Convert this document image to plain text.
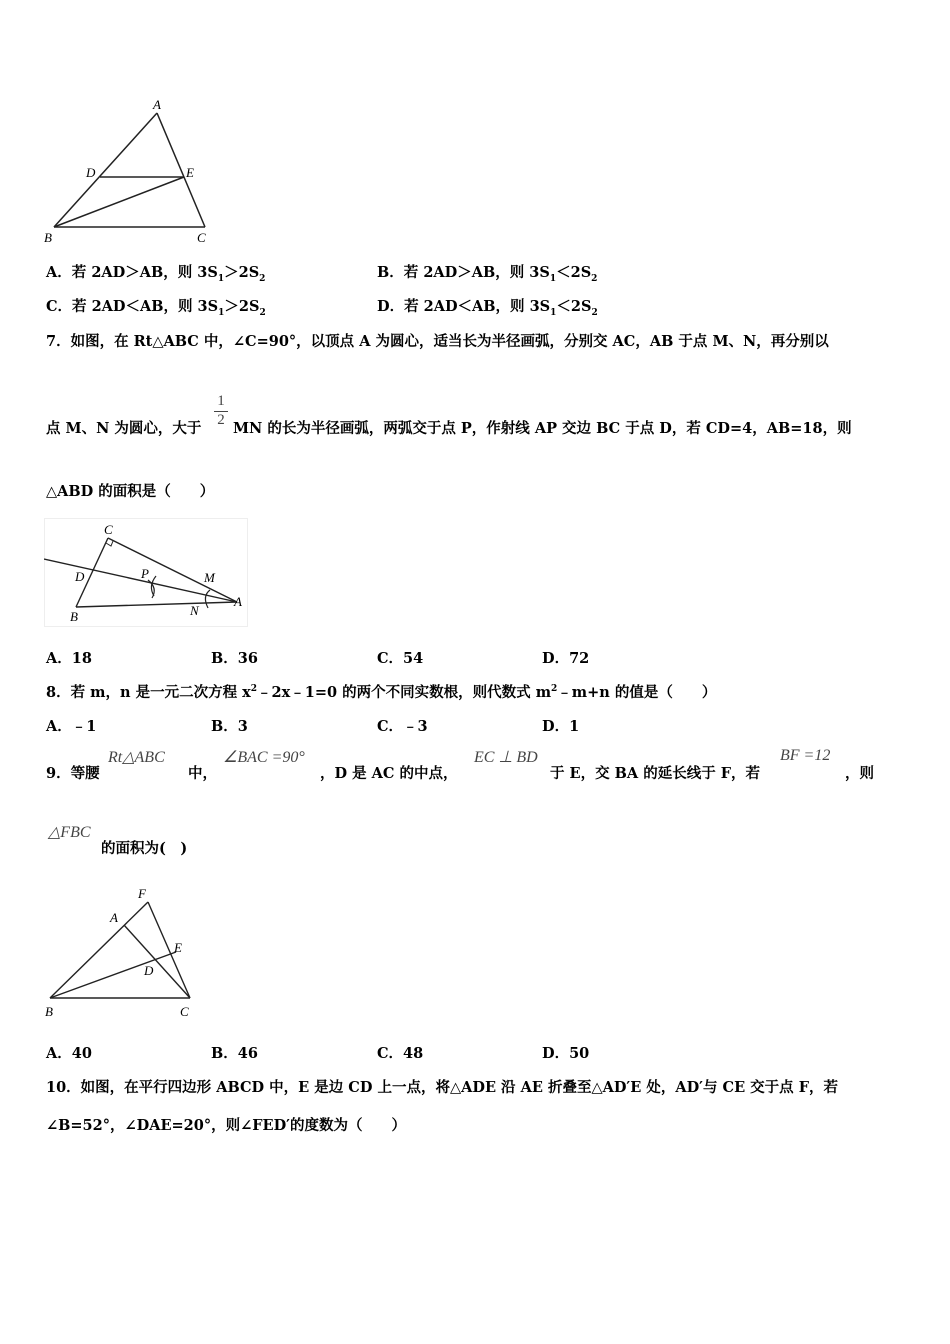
A
D	E
B	C
A．若 2AD＞AB，则 $3S_1>2S_2$	B．若 2AD＞AB，则 $3S_1<2S_2$
C．若 2AD＜AB，则 $3S_1>2S_2$	D．若 2AD＜AB，则 $3S_1<2S_2$
7．如图，在 Rt△ABC 中，∠C=90°，以顶点 A 为圆心，适当长为半径画弧，分别交 AC，AB 于点 M、N，再分别以
$\frac{1}{2}$
点 M、N 为圆心，大于 MN 的长为半径画弧，两弧交于点 P，作射线 AP 交边 BC 于点 D，若 CD=4，AB=18，则
△ABD 的面积是（　　）
C
D	P	M
B	N
A
A．18	B．36	C．54	D．72
8．若 m，n 是一元二次方程 $x^2﹣2x﹣1=0$ 的两个不同实数根，则代数式 $m^2﹣m+n$ 的值是（　　）
A．﹣1	B．3	C．﹣3	D．1
9．等腰
Rt△ABC
中，
∠BAC =90°
，D 是 AC 的中点，
EC ⊥ BD
于 E，交 BA 的延长线于 F，若
BF =12
，则
△FBC
的面积为(　)
F
A
E
D
B	C
A．40	B．46	C．48	D．50
10．如图，在平行四边形 ABCD 中，E 是边 CD 上一点，将△ADE 沿 AE 折叠至△AD′E 处，AD′与 CE 交于点 F，若
∠B=52°，∠DAE=20°，则∠FED′的度数为（　　）
